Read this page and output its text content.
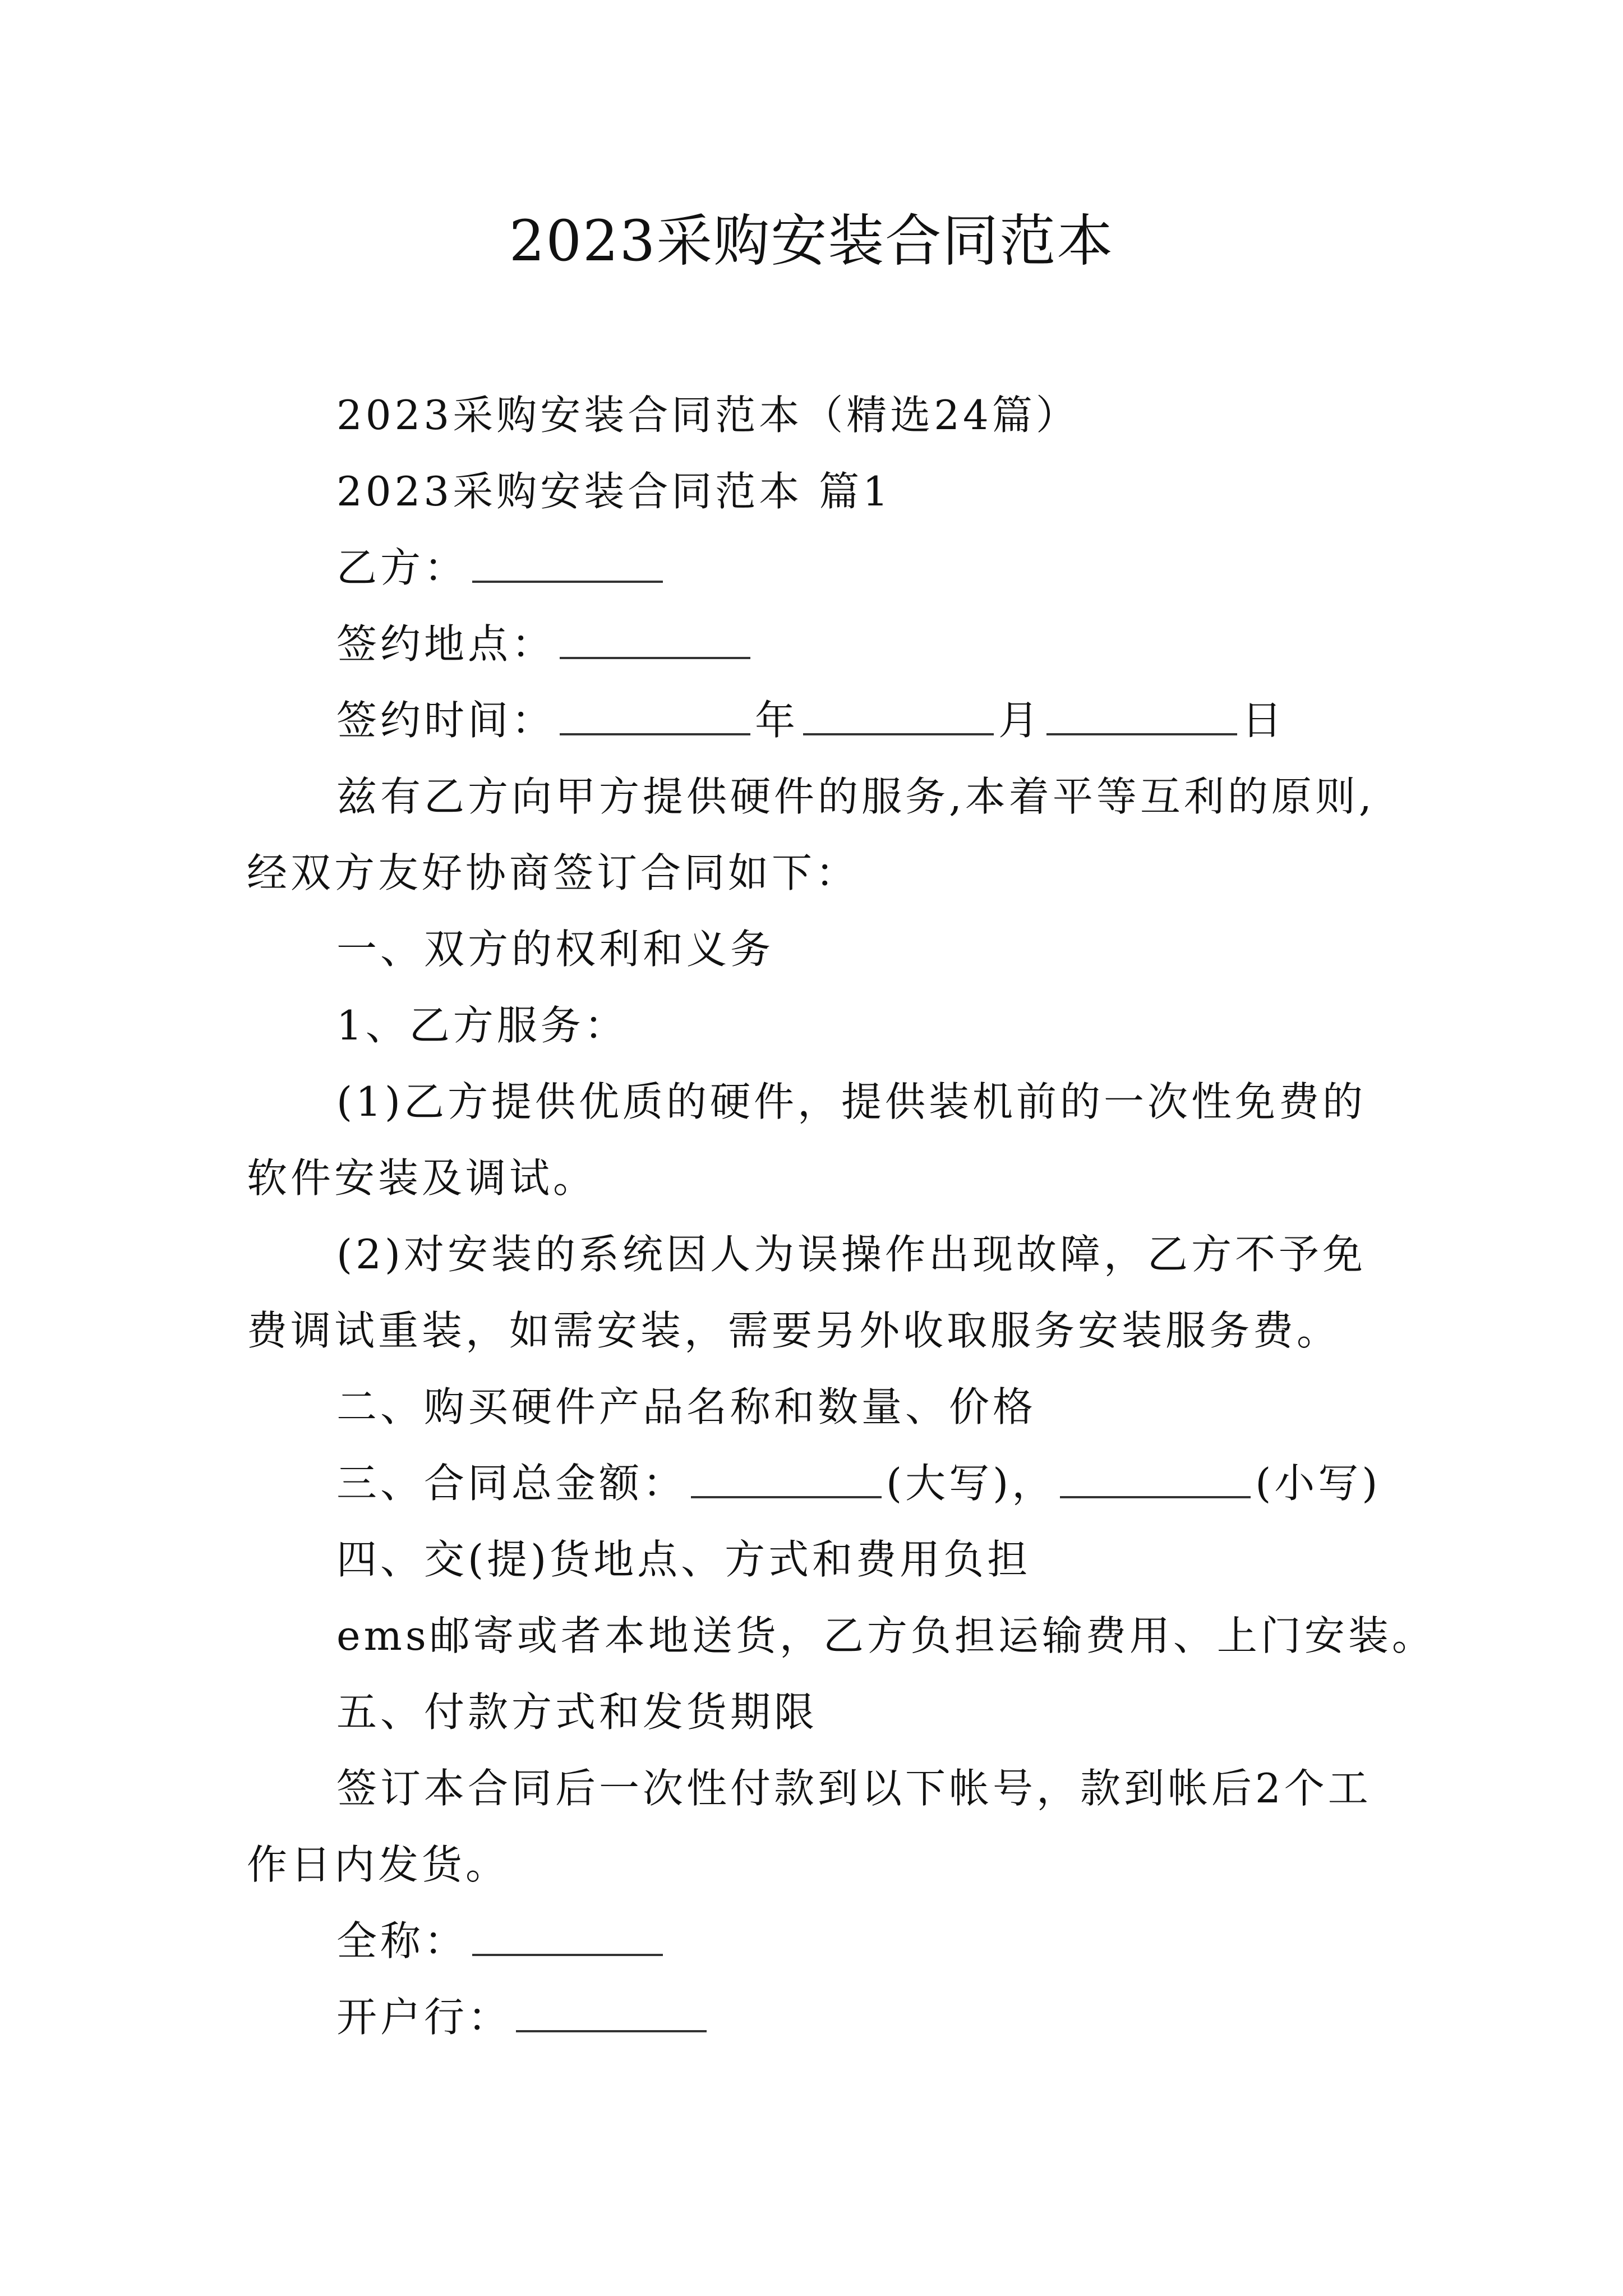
2023采购安装合同范本
2023采购安装合同范本（精选24篇）
2023采购安装合同范本 篇1
乙方：
签约地点：
签约时间：	年	月	日
兹有乙方向甲方提供硬件的服务,本着平等互利的原则,
经双方友好协商签订合同如下：
一、双方的权利和义务
1、乙方服务：
(1)乙方提供优质的硬件，提供装机前的一次性免费的
软件安装及调试。
(2)对安装的系统因人为误操作出现故障，乙方不予免
费调试重装，如需安装，需要另外收取服务安装服务费。
二、购买硬件产品名称和数量、价格
三、合同总金额：	(大写)，	(小写)
四、交(提)货地点、方式和费用负担
ems邮寄或者本地送货，乙方负担运输费用、上门安装。
五、付款方式和发货期限
签订本合同后一次性付款到以下帐号，款到帐后2个工
作日内发货。
全称：
开户行：
